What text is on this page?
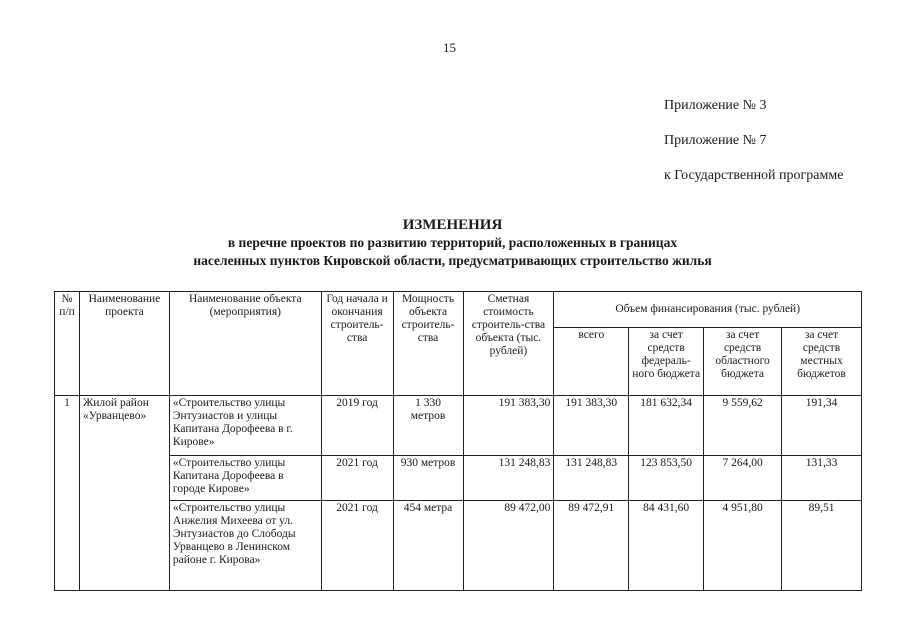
15
Приложение № 3
Приложение № 7
к Государственной программе
ИЗМЕНЕНИЯ
в перечне проектов по развитию территорий, расположенных в границах
населенных пунктов Кировской области, предусматривающих строительство жилья
№ п/п	Наименование проекта	Наименование объекта (мероприятия)	Год начала и окончания строитель-ства	Мощность объекта строитель-ства	Сметная стоимость строитель-ства объекта (тыс. рублей)	Объем финансирования (тыс. рублей)			
						всего	за счет средств федераль-ного бюджета	за счет средств областного бюджета	за счет средств местных бюджетов
1	Жилой район «Урванцево»	«Строительство улицы Энтузиастов и улицы Капитана Дорофеева в г. Кирове»	2019 год	1 330 метров	191 383,30	191 383,30	181 632,34	9 559,62	191,34
		«Строительство улицы Капитана Дорофеева в городе Кирове»	2021 год	930 метров	131 248,83	131 248,83	123 853,50	7 264,00	131,33
		«Строительство улицы Анжелия Михеева от ул. Энтузиастов до Слободы Урванцево в Ленинском районе г. Кирова»	2021 год	454 метра	89 472,00	89 472,91	84 431,60	4 951,80	89,51
